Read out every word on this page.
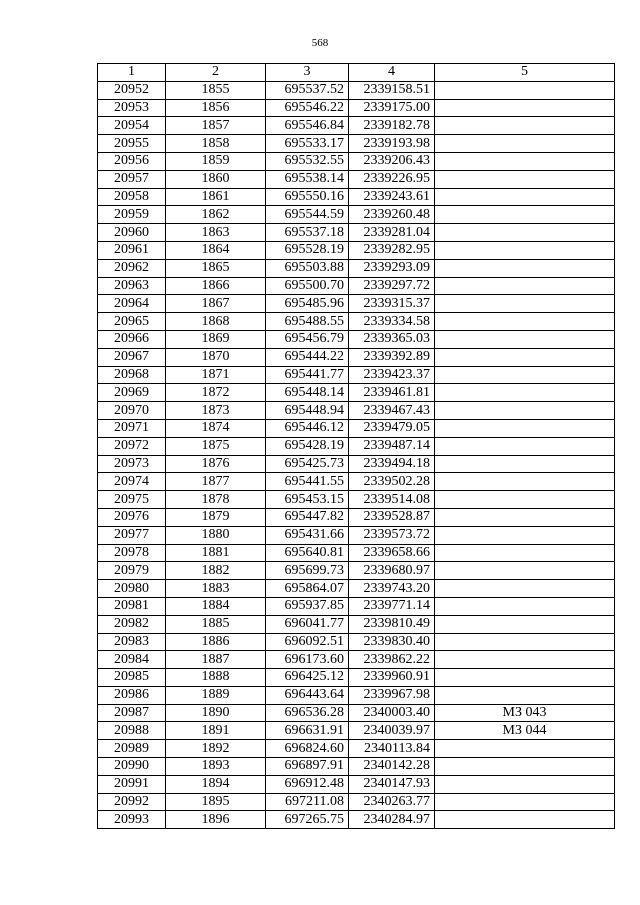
568
1	2	3	4	5
20952	1855	695537.52	2339158.51	
20953	1856	695546.22	2339175.00	
20954	1857	695546.84	2339182.78	
20955	1858	695533.17	2339193.98	
20956	1859	695532.55	2339206.43	
20957	1860	695538.14	2339226.95	
20958	1861	695550.16	2339243.61	
20959	1862	695544.59	2339260.48	
20960	1863	695537.18	2339281.04	
20961	1864	695528.19	2339282.95	
20962	1865	695503.88	2339293.09	
20963	1866	695500.70	2339297.72	
20964	1867	695485.96	2339315.37	
20965	1868	695488.55	2339334.58	
20966	1869	695456.79	2339365.03	
20967	1870	695444.22	2339392.89	
20968	1871	695441.77	2339423.37	
20969	1872	695448.14	2339461.81	
20970	1873	695448.94	2339467.43	
20971	1874	695446.12	2339479.05	
20972	1875	695428.19	2339487.14	
20973	1876	695425.73	2339494.18	
20974	1877	695441.55	2339502.28	
20975	1878	695453.15	2339514.08	
20976	1879	695447.82	2339528.87	
20977	1880	695431.66	2339573.72	
20978	1881	695640.81	2339658.66	
20979	1882	695699.73	2339680.97	
20980	1883	695864.07	2339743.20	
20981	1884	695937.85	2339771.14	
20982	1885	696041.77	2339810.49	
20983	1886	696092.51	2339830.40	
20984	1887	696173.60	2339862.22	
20985	1888	696425.12	2339960.91	
20986	1889	696443.64	2339967.98	
20987	1890	696536.28	2340003.40	МЗ 043
20988	1891	696631.91	2340039.97	МЗ 044
20989	1892	696824.60	2340113.84	
20990	1893	696897.91	2340142.28	
20991	1894	696912.48	2340147.93	
20992	1895	697211.08	2340263.77	
20993	1896	697265.75	2340284.97	
